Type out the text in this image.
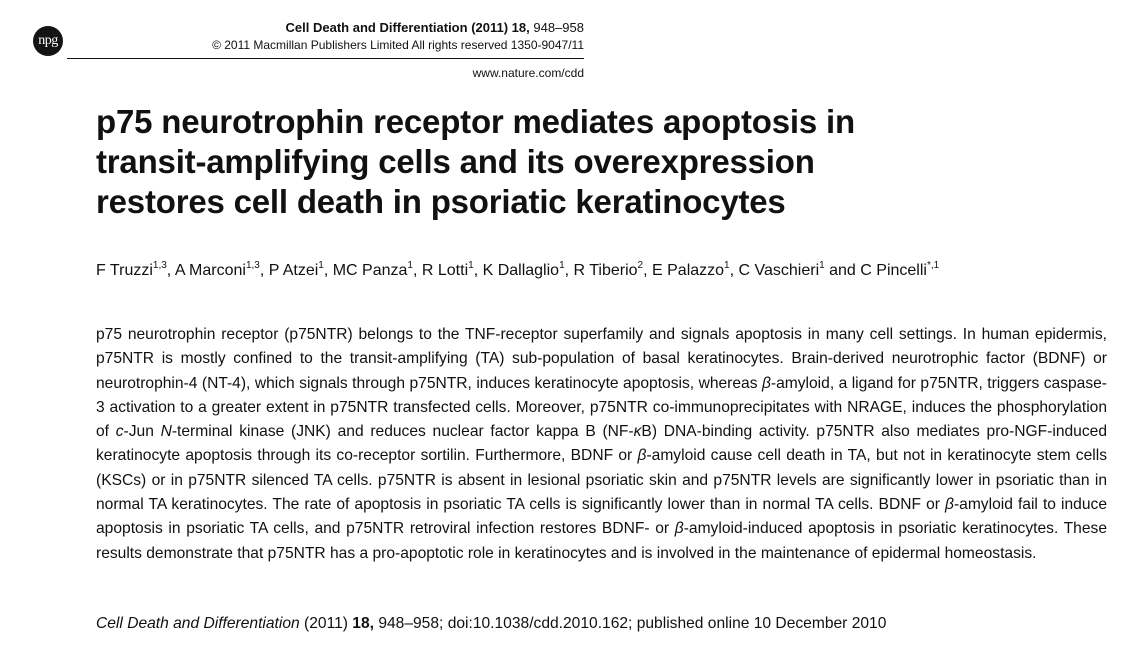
npg
Cell Death and Differentiation (2011) 18, 948–958
© 2011 Macmillan Publishers Limited All rights reserved 1350-9047/11
www.nature.com/cdd
p75 neurotrophin receptor mediates apoptosis in
transit-amplifying cells and its overexpression
restores cell death in psoriatic keratinocytes
F Truzzi$^{1,3}$, A Marconi$^{1,3}$, P Atzei$^1$, MC Panza$^1$, R Lotti$^1$, K Dallaglio$^1$, R Tiberio$^2$, E Palazzo$^1$, C Vaschieri$^1$ and C Pincelli$^{*,1}$

p75 neurotrophin receptor (p75NTR) belongs to the TNF-receptor superfamily and signals apoptosis in many cell settings. In human epidermis, p75NTR is mostly confined to the transit-amplifying (TA) sub-population of basal keratinocytes. Brain-derived neurotrophic factor (BDNF) or neurotrophin-4 (NT-4), which signals through p75NTR, induces keratinocyte apoptosis, whereas β-amyloid, a ligand for p75NTR, triggers caspase-3 activation to a greater extent in p75NTR transfected cells. Moreover, p75NTR co-immunoprecipitates with NRAGE, induces the phosphorylation of c-Jun N-terminal kinase (JNK) and reduces nuclear factor kappa B (NF-κB) DNA-binding activity. p75NTR also mediates pro-NGF-induced keratinocyte apoptosis through its co-receptor sortilin. Furthermore, BDNF or β-amyloid cause cell death in TA, but not in keratinocyte stem cells (KSCs) or in p75NTR silenced TA cells. p75NTR is absent in lesional psoriatic skin and p75NTR levels are significantly lower in psoriatic than in normal TA keratinocytes. The rate of apoptosis in psoriatic TA cells is significantly lower than in normal TA cells. BDNF or β-amyloid fail to induce apoptosis in psoriatic TA cells, and p75NTR retroviral infection restores BDNF- or β-amyloid-induced apoptosis in psoriatic keratinocytes. These results demonstrate that p75NTR has a pro-apoptotic role in keratinocytes and is involved in the maintenance of epidermal homeostasis.

Cell Death and Differentiation (2011) 18, 948–958; doi:10.1038/cdd.2010.162; published online 10 December 2010
